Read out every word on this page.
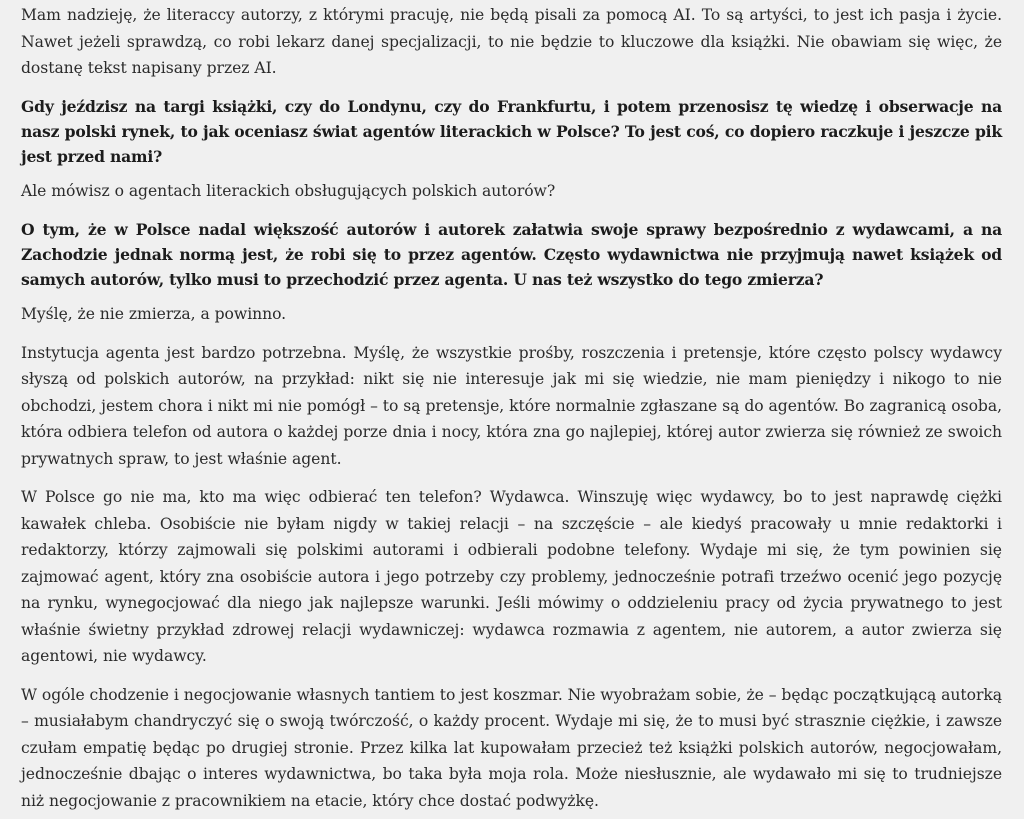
Mam nadzieję, że literaccy autorzy, z którymi pracuję, nie będą pisali za pomocą AI. To są artyści, to jest ich pasja i życie. Nawet jeżeli sprawdzą, co robi lekarz danej specjalizacji, to nie będzie to kluczowe dla książki. Nie obawiam się więc, że dostanę tekst napisany przez AI.

Gdy jeździsz na targi książki, czy do Londynu, czy do Frankfurtu, i potem przenosisz tę wiedzę i obserwacje na nasz polski rynek, to jak oceniasz świat agentów literackich w Polsce? To jest coś, co dopiero raczkuje i jeszcze pik jest przed nami?

Ale mówisz o agentach literackich obsługujących polskich autorów?

O tym, że w Polsce nadal większość autorów i autorek załatwia swoje sprawy bezpośrednio z wydawcami, a na Zachodzie jednak normą jest, że robi się to przez agentów. Często wydawnictwa nie przyjmują nawet książek od samych autorów, tylko musi to przechodzić przez agenta. U nas też wszystko do tego zmierza?

Myślę, że nie zmierza, a powinno.

Instytucja agenta jest bardzo potrzebna. Myślę, że wszystkie prośby, roszczenia i pretensje, które często polscy wydawcy słyszą od polskich autorów, na przykład: nikt się nie interesuje jak mi się wiedzie, nie mam pieniędzy i nikogo to nie obchodzi, jestem chora i nikt mi nie pomógł – to są pretensje, które normalnie zgłaszane są do agentów. Bo zagranicą osoba, która odbiera telefon od autora o każdej porze dnia i nocy, która zna go najlepiej, której autor zwierza się również ze swoich prywatnych spraw, to jest właśnie agent.

W Polsce go nie ma, kto ma więc odbierać ten telefon? Wydawca. Winszuję więc wydawcy, bo to jest naprawdę ciężki kawałek chleba. Osobiście nie byłam nigdy w takiej relacji – na szczęście – ale kiedyś pracowały u mnie redaktorki i redaktorzy, którzy zajmowali się polskimi autorami i odbierali podobne telefony. Wydaje mi się, że tym powinien się zajmować agent, który zna osobiście autora i jego potrzeby czy problemy, jednocześnie potrafi trzeźwo ocenić jego pozycję na rynku, wynegocjować dla niego jak najlepsze warunki. Jeśli mówimy o oddzieleniu pracy od życia prywatnego to jest właśnie świetny przykład zdrowej relacji wydawniczej: wydawca rozmawia z agentem, nie autorem, a autor zwierza się agentowi, nie wydawcy.

W ogóle chodzenie i negocjowanie własnych tantiem to jest koszmar. Nie wyobrażam sobie, że – będąc początkującą autorką – musiałabym chandryczyć się o swoją twórczość, o każdy procent. Wydaje mi się, że to musi być strasznie ciężkie, i zawsze czułam empatię będąc po drugiej stronie. Przez kilka lat kupowałam przecież też książki polskich autorów, negocjowałam, jednocześnie dbając o interes wydawnictwa, bo taka była moja rola. Może niesłusznie, ale wydawało mi się to trudniejsze niż negocjowanie z pracownikiem na etacie, który chce dostać podwyżkę.
